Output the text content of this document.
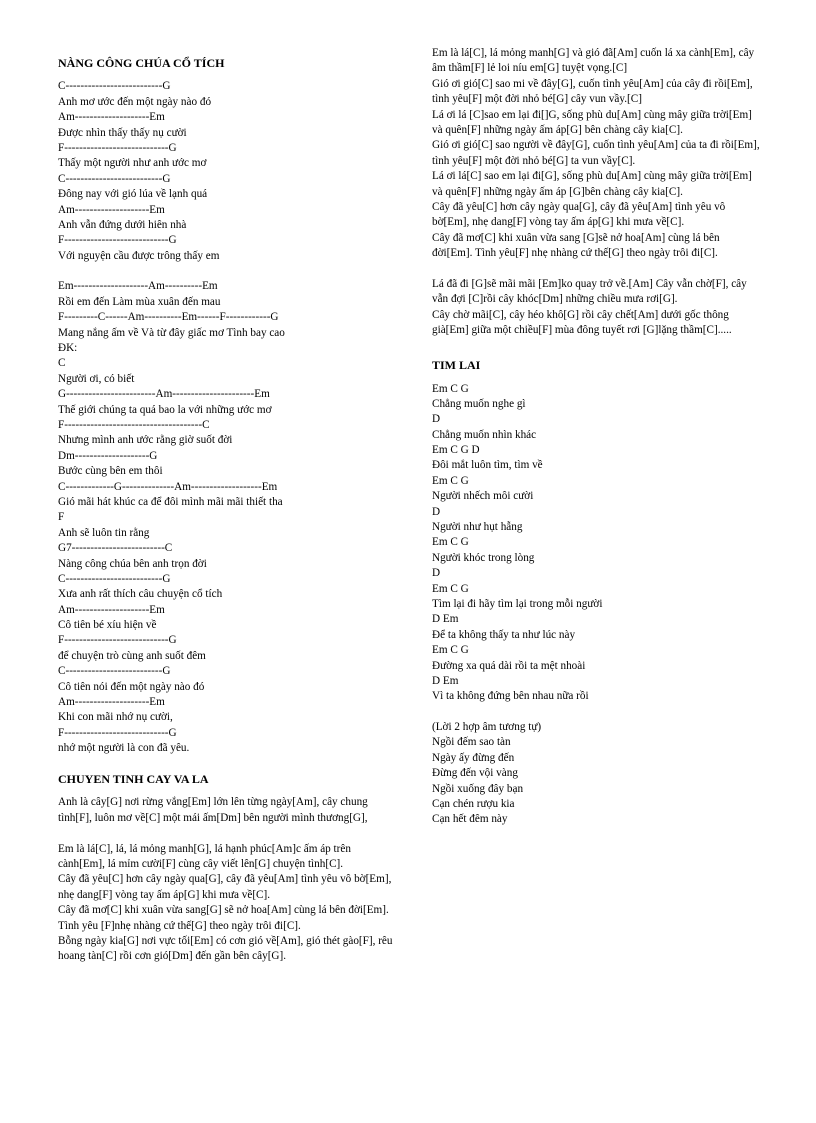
NÀNG CÔNG CHÚA CỔ TÍCH
C--------------------------G
Anh mơ ước đến một ngày nào đó
Am--------------------Em
Được nhìn thấy thấy nụ cười
F----------------------------G
Thấy một người như anh ước mơ
C--------------------------G
Đông nay với gió lúa về lạnh quá
Am--------------------Em
Anh vẫn đứng dưới hiên nhà
F----------------------------G
Với nguyện cầu được trông thấy em
Em--------------------Am----------Em
Rồi em đến Làm mùa xuân đến mau
F---------C------Am----------Em------F------------G
Mang nắng ấm về Và từ đây giấc mơ Tình bay cao
ĐK:
C
Người ơi, có biết
G------------------------Am----------------------Em
Thế giới chúng ta quá bao la với những ước mơ
F-------------------------------------C
Nhưng mình anh ước rằng giờ suốt đời
Dm--------------------G
Bước cùng bên em thôi
C-------------G--------------Am-------------------Em
Gió mãi hát khúc ca để đôi mình mãi mãi thiết tha
F
Anh sẽ luôn tin rằng
G7-------------------------C
Nàng công chúa bên anh trọn đời
C--------------------------G
Xưa anh rất thích câu chuyện cổ tích
Am--------------------Em
Cô tiên bé xíu hiện về
F----------------------------G
để chuyện trò cùng anh suốt đêm
C--------------------------G
Cô tiên nói đến một ngày nào đó
Am--------------------Em
Khi con mãi nhớ nụ cười,
F----------------------------G
nhớ một người là con đã yêu.
CHUYEN TINH CAY VA LA

Anh là cây[G] nơi rừng vắng[Em] lớn lên từng ngày[Am], cây chung tình[F], luôn mơ về[C] một mái ấm[Dm] bên người mình thương[G],

Em là lá[C], lá, lá mỏng manh[G], lá hạnh phúc[Am]c ấm áp trên cành[Em], lá mỉm cười[F] cùng cây viết lên[G] chuyện tình[C].
Cây đã yêu[C] hơn cây ngày qua[G], cây đã yêu[Am] tình yêu vô bờ[Em], nhẹ dang[F] vòng tay ấm áp[G] khi mưa về[C].
Cây đã mơ[C] khi xuân vừa sang[G] sẽ nở hoa[Am] cùng lá bên đời[Em]. Tình yêu [F]nhẹ nhàng cứ thế[G] theo ngày trôi đi[C].
Bỗng ngày kia[G] nơi vực tối[Em] có cơn gió về[Am], gió thét gào[F], rêu hoang tàn[C] rồi cơn gió[Dm] đến gần bên cây[G].
Em là lá[C], lá mỏng manh[G] và gió đã[Am] cuốn lá xa cành[Em], cây âm thầm[F] lẻ loi níu em[G] tuyệt vọng.[C]
Gió ơi gió[C] sao mi về đây[G], cuốn tình yêu[Am] của cây đi rồi[Em], tình yêu[F] một đời nhỏ bé[G] cây vun vầy.[C]
Lá ơi lá [C]sao em lại đi[]G, sống phù du[Am] cùng mây giữa trời[Em] và quên[F] những ngày ấm áp[G] bên chàng cây kia[C].
Gió ơi gió[C] sao người về đây[G], cuốn tình yêu[Am] của ta đi rồi[Em], tình yêu[F] một đời nhỏ bé[G] ta vun vầy[C].
Lá ơi lá[C] sao em lại đi[G], sống phù du[Am] cùng mây giữa trời[Em] và quên[F] những ngày ấm áp [G]bên chàng cây kia[C].
Cây đã yêu[C] hơn cây ngày qua[G], cây đã yêu[Am] tình yêu vô bờ[Em], nhẹ dang[F] vòng tay ấm áp[G] khi mưa về[C].
Cây đã mơ[C] khi xuân vừa sang [G]sẽ nở hoa[Am] cùng lá bên đời[Em]. Tình yêu[F] nhẹ nhàng cứ thế[G] theo ngày trôi đi[C].
Lá đã đi [G]sẽ mãi mãi [Em]ko quay trở về.[Am] Cây vẫn chờ[F], cây vẫn đợi [C]rồi cây khóc[Dm] những chiều mưa rơi[G].
Cây chờ mãi[C], cây héo khô[G] rồi cây chết[Am] dưới gốc thông già[Em] giữa một chiều[F] mùa đông tuyết rơi [G]lặng thầm[C].....
TIM LAI
Em C G
Chẳng muốn nghe gì
D
Chẳng muốn nhìn khác
Em C G D
Đôi mắt luôn tìm, tìm về
Em C G
Người nhếch môi cười
D
Người như hụt hẫng
Em C G
Người khóc trong lòng
D
Em C G
Tìm lại đi hãy tìm lại trong mỗi người
D Em
Để ta không thấy ta như lúc này
Em C G
Đường xa quá dài rồi ta mệt nhoài
D Em
Vì ta không đứng bên nhau nữa rồi
(Lời 2 hợp âm tương tự)
Ngồi đếm sao tàn
Ngày ấy đừng đến
Đừng đến vội vàng
Ngồi xuống đây bạn
Cạn chén rượu kia
Cạn hết đêm này
